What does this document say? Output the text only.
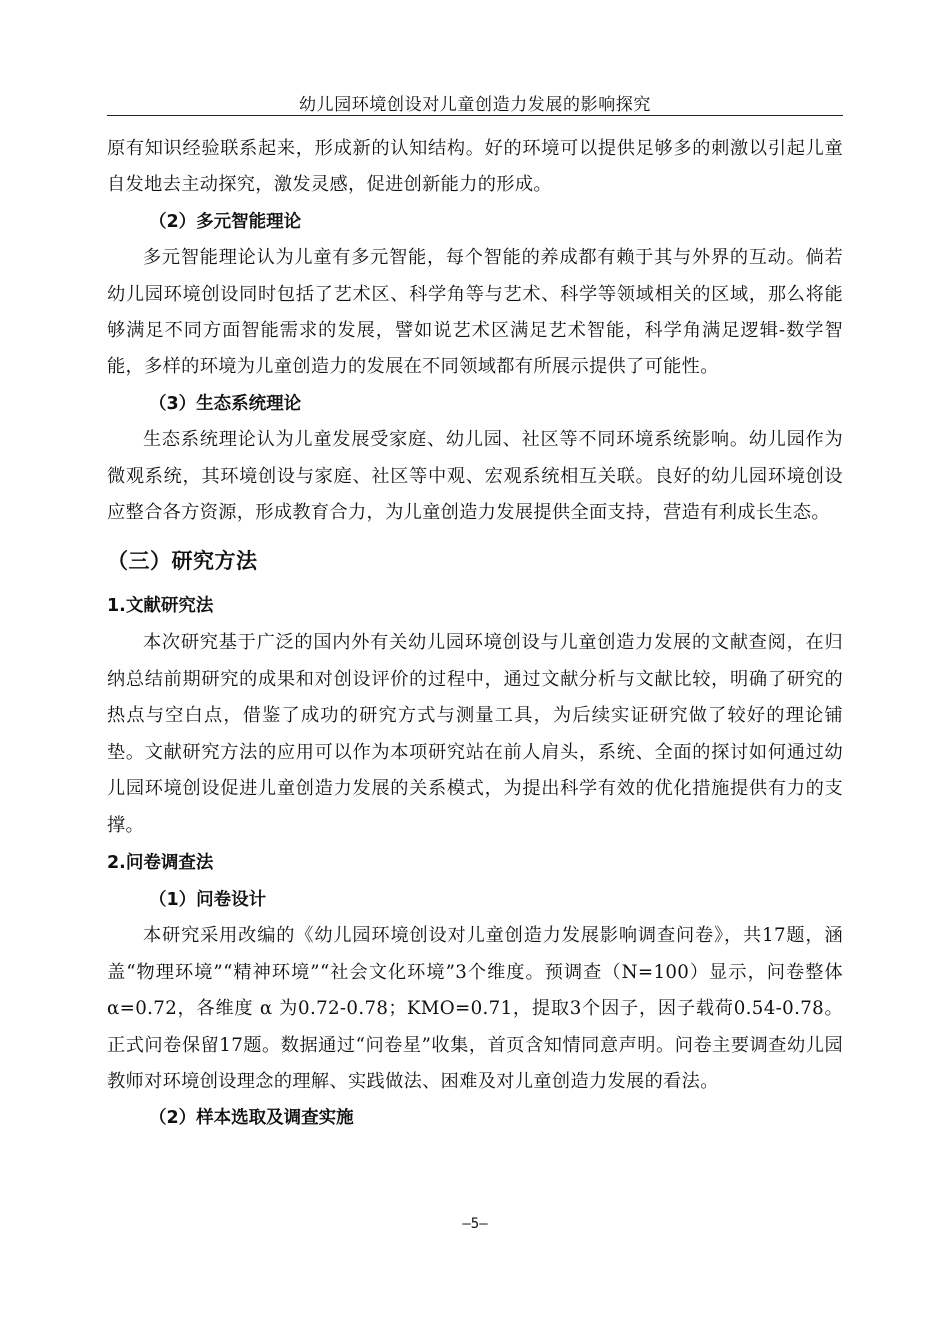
幼儿园环境创设对儿童创造力发展的影响探究

原有知识经验联系起来，形成新的认知结构。好的环境可以提供足够多的刺激以引起儿童自发地去主动探究，激发灵感，促进创新能力的形成。

（2）多元智能理论

多元智能理论认为儿童有多元智能，每个智能的养成都有赖于其与外界的互动。倘若幼儿园环境创设同时包括了艺术区、科学角等与艺术、科学等领域相关的区域，那么将能够满足不同方面智能需求的发展，譬如说艺术区满足艺术智能，科学角满足逻辑-数学智能，多样的环境为儿童创造力的发展在不同领域都有所展示提供了可能性。

（3）生态系统理论

生态系统理论认为儿童发展受家庭、幼儿园、社区等不同环境系统影响。幼儿园作为微观系统，其环境创设与家庭、社区等中观、宏观系统相互关联。良好的幼儿园环境创设应整合各方资源，形成教育合力，为儿童创造力发展提供全面支持，营造有利成长生态。

（三）研究方法
1.文献研究法

本次研究基于广泛的国内外有关幼儿园环境创设与儿童创造力发展的文献查阅，在归纳总结前期研究的成果和对创设评价的过程中，通过文献分析与文献比较，明确了研究的热点与空白点，借鉴了成功的研究方式与测量工具，为后续实证研究做了较好的理论铺垫。文献研究方法的应用可以作为本项研究站在前人肩头，系统、全面的探讨如何通过幼儿园环境创设促进儿童创造力发展的关系模式，为提出科学有效的优化措施提供有力的支撑。

2.问卷调查法

（1）问卷设计

本研究采用改编的《幼儿园环境创设对儿童创造力发展影响调查问卷》，共17题，涵盖“物理环境”“精神环境”“社会文化环境”3个维度。预调查（N=100）显示，问卷整体 α=0.72，各维度 α 为0.72-0.78；KMO=0.71，提取3个因子，因子载荷0.54-0.78。正式问卷保留17题。数据通过“问卷星”收集，首页含知情同意声明。问卷主要调查幼儿园教师对环境创设理念的理解、实践做法、困难及对儿童创造力发展的看法。

（2）样本选取及调查实施

—5—
